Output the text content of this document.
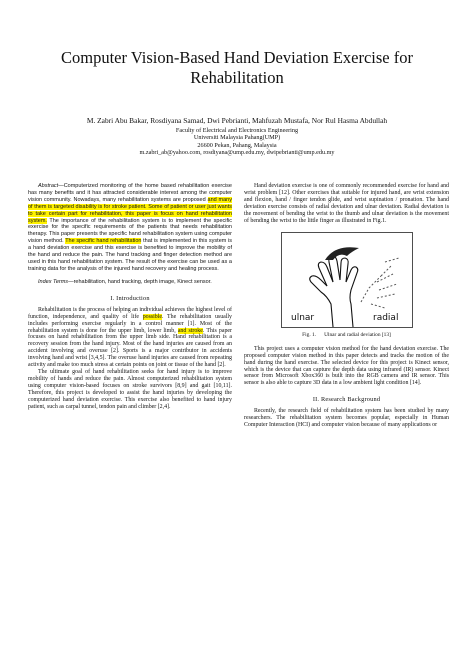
Computer Vision-Based Hand Deviation Exercise for
Rehabilitation
M. Zabri Abu Bakar, Rosdiyana Samad, Dwi Pebrianti, Mahfuzah Mustafa, Nor Rul Hasma Abdullah
Faculty of Electrical and Electronics Engineering
Universiti Malaysia Pahang(UMP)
26600 Pekan, Pahang, Malaysia
m.zabri_ab@yahoo.com, rosdiyana@ump.edu.my, dwipebrianti@ump.edu.my

Abstract—Computerized monitoring of the home based rehabilitation exercise has many benefits and it has attracted considerable interest among the computer vision community. Nowadays, many rehabilitation systems are proposed and many of them is targeted disability is for stroke patient. Some of patient or user just wants to take certain part for rehabilitation, this paper is focus on hand rehabilitation system. The importance of the rehabilitation system is to implement the specific exercise for the specific requirements of the patients that needs rehabilitation therapy. This paper presents the specific hand rehabilitation system using computer vision method. The specific hand rehabilitation that is implemented in this system is a hand deviation exercise and this exercise is benefited to improve the mobility of the hand and reduce the pain. The hand tracking and finger detection method are used in this hand rehabilitation system. The result of the exercise can be used as a training data for the analysis of the injured hand recovery and healing process.

Index Terms—rehabilitation, hand tracking, depth image, Kinect sensor.

I. Introduction

Rehabilitation is the process of helping an individual achieves the highest level of function, independence, and quality of life possible. The rehabilitation usually includes performing exercise regularly in a control manner [1]. Most of the rehabilitation system is done for the upper limb, lower limb, and stroke. This paper focuses on hand rehabilitation from the upper limb side. Hand rehabilitation is a recovery session from the hand injury. Most of the hand injuries are caused from an accident involving and overuse [2]. Sports is a major contributor in accidents involving hand and wrist [3,4,5]. The overuse hand injuries are caused from repeating activity and make too much stress at certain points on joint or tissue of the hand [2].

The ultimate goal of hand rehabilitation seeks for hand injury is to improve mobility of hands and reduce the pain. Almost computerized rehabilitation system using computer vision-based focuses on stroke survivors [8,9] and gait [10,11]. Therefore, this project is developed to assist the hand injuries by developing the computerized hand deviation exercise. This exercise also benefited to hand injury patient, such as carpal tunnel, tendon pain and climber [2,4].

Hand deviation exercise is one of commonly recommended exercise for hand and wrist problem [12]. Other exercises that suitable for injured hand, are wrist extension and flexion, hand / finger tendon glide, and wrist supination / pronation. The hand deviation exercise consists of radial deviation and ulnar deviation. Radial deviation is the movement of bending the wrist to the thumb and ulnar deviation is the movement of bending the wrist to the little finger as illustrated in Fig.1.

ulnar	radial
Fig. 1. Ulnar and radial deviation [13]

This project uses a computer vision method for the hand deviation exercise. The proposed computer vision method in this paper detects and tracks the motion of the hand during the hand exercise. The selected device for this project is Kinect sensor, which is the device that can capture the depth data using infrared (IR) sensor. Kinect sensor from Microsoft Xbox360 is built into the RGB camera and IR sensor. This sensor is also able to capture 3D data in a low ambient light condition [14].

II. Research Background

Recently, the research field of rehabilitation system has been studied by many researchers. The rehabilitation system becomes popular, especially in Human Computer Interaction (HCI) and computer vision because of many applications or
